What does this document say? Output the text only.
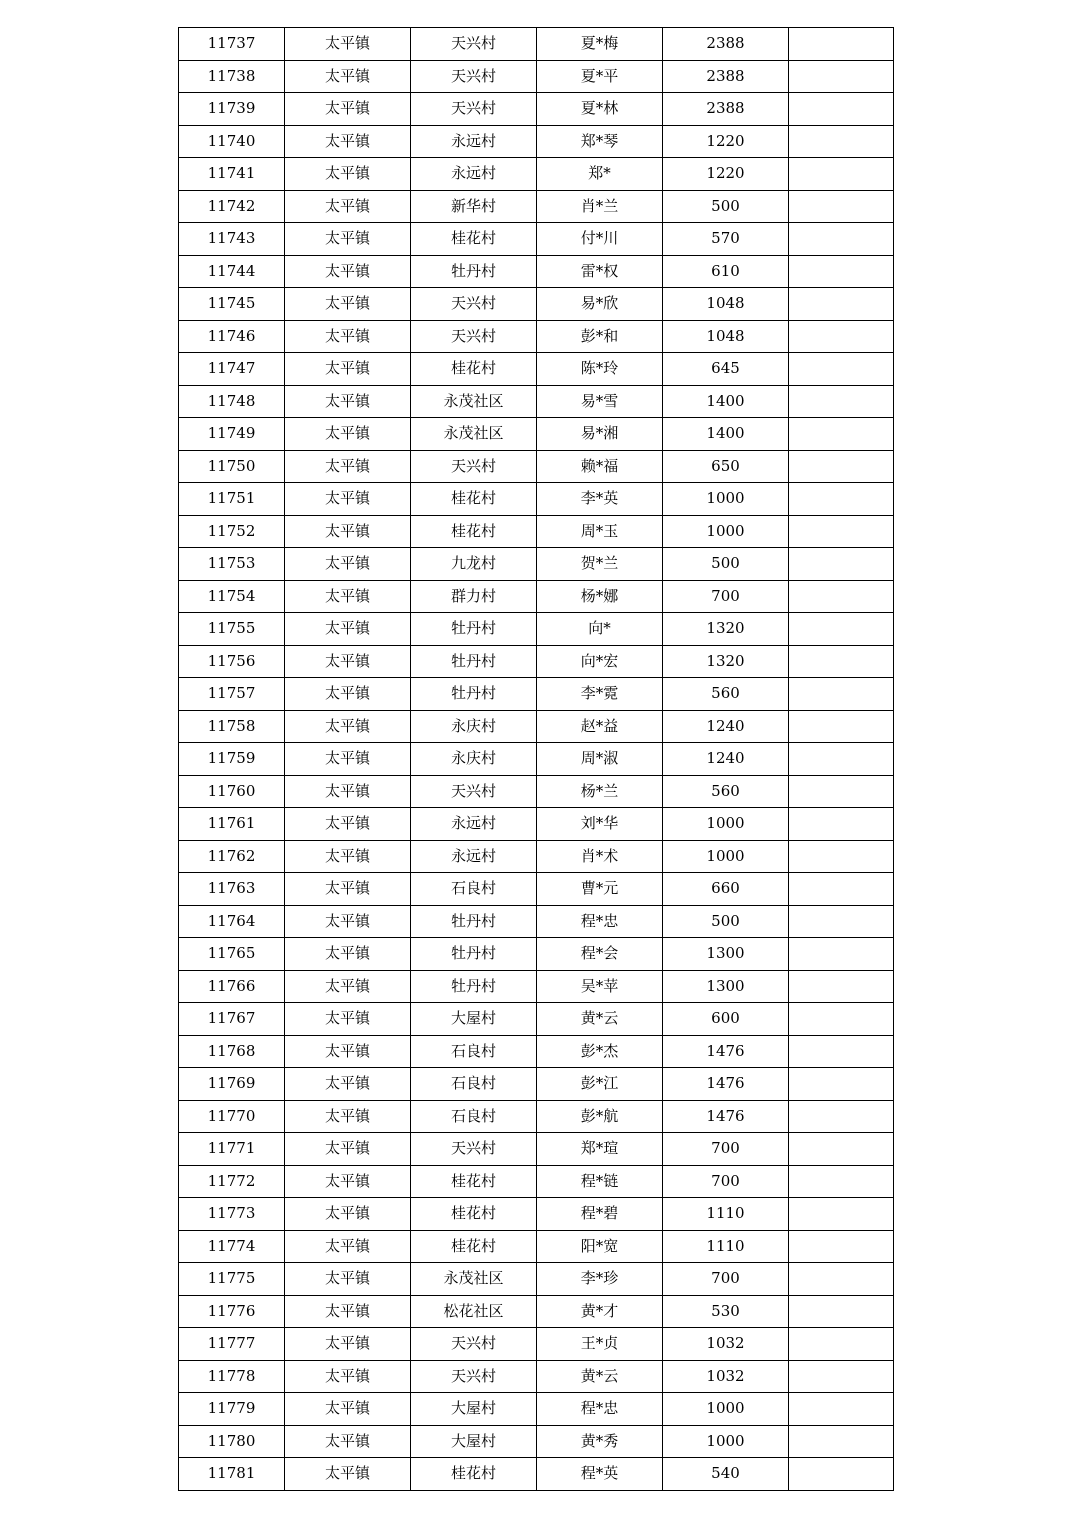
11737	太平镇	天兴村	夏*梅	2388	
11738	太平镇	天兴村	夏*平	2388	
11739	太平镇	天兴村	夏*林	2388	
11740	太平镇	永远村	郑*琴	1220	
11741	太平镇	永远村	郑*	1220	
11742	太平镇	新华村	肖*兰	500	
11743	太平镇	桂花村	付*川	570	
11744	太平镇	牡丹村	雷*权	610	
11745	太平镇	天兴村	易*欣	1048	
11746	太平镇	天兴村	彭*和	1048	
11747	太平镇	桂花村	陈*玲	645	
11748	太平镇	永茂社区	易*雪	1400	
11749	太平镇	永茂社区	易*湘	1400	
11750	太平镇	天兴村	赖*福	650	
11751	太平镇	桂花村	李*英	1000	
11752	太平镇	桂花村	周*玉	1000	
11753	太平镇	九龙村	贺*兰	500	
11754	太平镇	群力村	杨*娜	700	
11755	太平镇	牡丹村	向*	1320	
11756	太平镇	牡丹村	向*宏	1320	
11757	太平镇	牡丹村	李*霓	560	
11758	太平镇	永庆村	赵*益	1240	
11759	太平镇	永庆村	周*淑	1240	
11760	太平镇	天兴村	杨*兰	560	
11761	太平镇	永远村	刘*华	1000	
11762	太平镇	永远村	肖*术	1000	
11763	太平镇	石良村	曹*元	660	
11764	太平镇	牡丹村	程*忠	500	
11765	太平镇	牡丹村	程*会	1300	
11766	太平镇	牡丹村	吴*苹	1300	
11767	太平镇	大屋村	黄*云	600	
11768	太平镇	石良村	彭*杰	1476	
11769	太平镇	石良村	彭*江	1476	
11770	太平镇	石良村	彭*航	1476	
11771	太平镇	天兴村	郑*瑄	700	
11772	太平镇	桂花村	程*链	700	
11773	太平镇	桂花村	程*碧	1110	
11774	太平镇	桂花村	阳*宽	1110	
11775	太平镇	永茂社区	李*珍	700	
11776	太平镇	松花社区	黄*才	530	
11777	太平镇	天兴村	王*贞	1032	
11778	太平镇	天兴村	黄*云	1032	
11779	太平镇	大屋村	程*忠	1000	
11780	太平镇	大屋村	黄*秀	1000	
11781	太平镇	桂花村	程*英	540	
